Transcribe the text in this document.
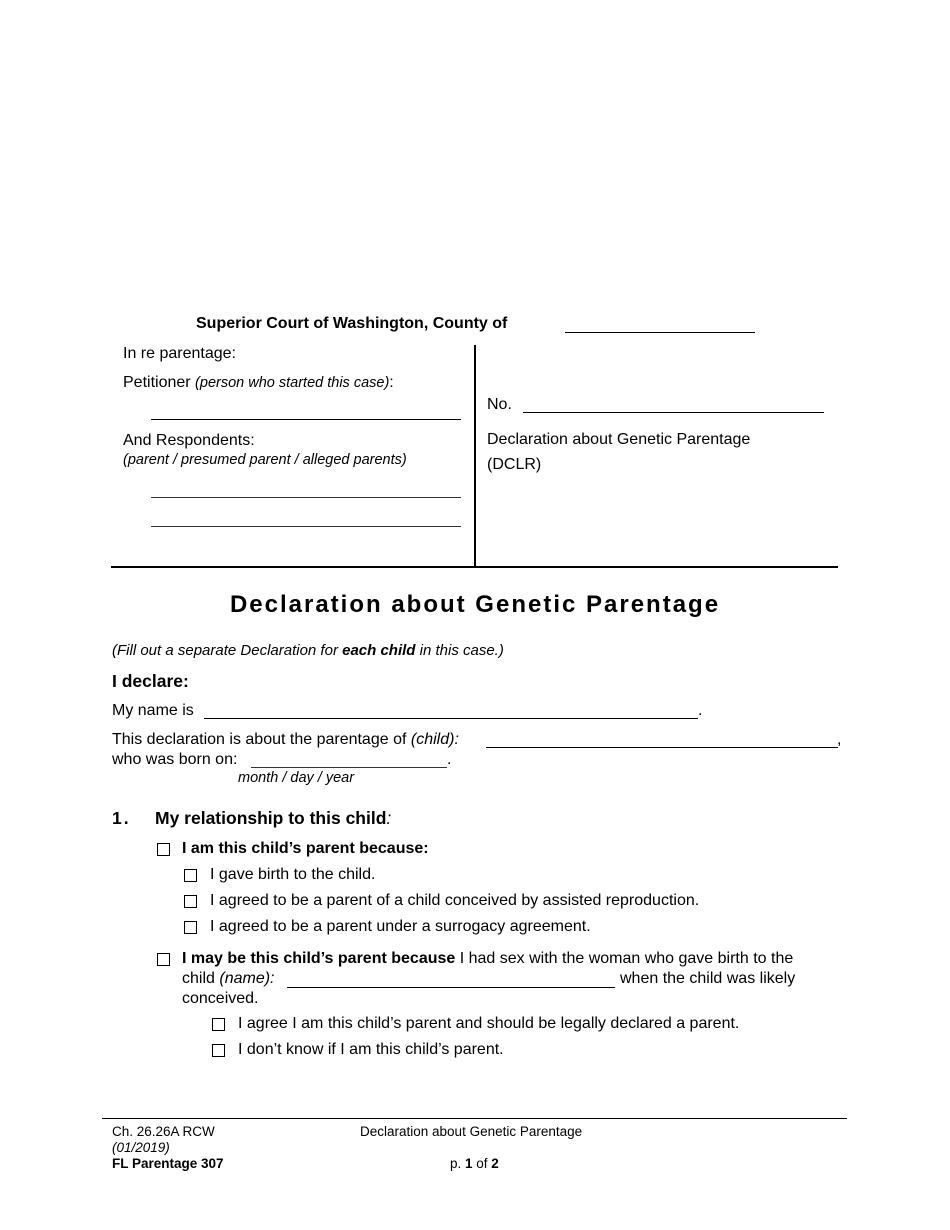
Superior Court of Washington, County of
In re parentage:
Petitioner (person who started this case):
And Respondents:
(parent / presumed parent / alleged parents)
No.
Declaration about Genetic Parentage
(DCLR)
Declaration about Genetic Parentage
(Fill out a separate Declaration for each child in this case.)
I declare:
My name is	.
This declaration is about the parentage of (child):	,
who was born on:	.
month / day / year
1. My relationship to this child:
I am this child’s parent because:
I gave birth to the child.
I agreed to be a parent of a child conceived by assisted reproduction.
I agreed to be a parent under a surrogacy agreement.
I may be this child’s parent because I had sex with the woman who gave birth to the
child (name):	when the child was likely
conceived.
I agree I am this child’s parent and should be legally declared a parent.
I don’t know if I am this child’s parent.
Ch. 26.26A RCW
(01/2019)
FL Parentage 307
Declaration about Genetic Parentage
p. 1 of 2
